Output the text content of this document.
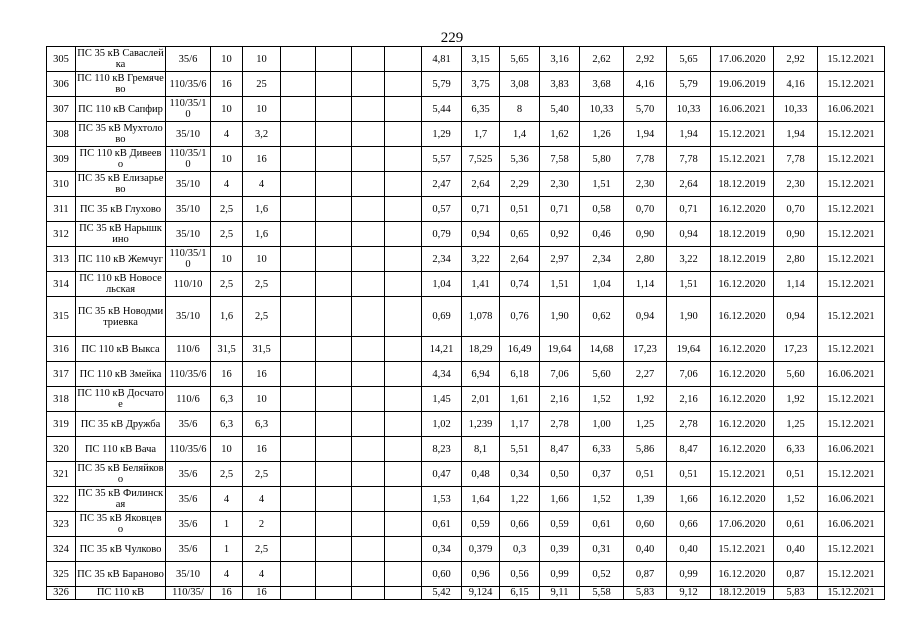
229
305	ПС 35 кВ Саваслейка	35/6	10	10					4,81	3,15	5,65	3,16	2,62	2,92	5,65	17.06.2020	2,92	15.12.2021
306	ПС 110 кВ Гремячево	110/35/6	16	25					5,79	3,75	3,08	3,83	3,68	4,16	5,79	19.06.2019	4,16	15.12.2021
307	ПС 110 кВ Сапфир	110/35/10	10	10					5,44	6,35	8	5,40	10,33	5,70	10,33	16.06.2021	10,33	16.06.2021
308	ПС 35 кВ Мухтолово	35/10	4	3,2					1,29	1,7	1,4	1,62	1,26	1,94	1,94	15.12.2021	1,94	15.12.2021
309	ПС 110 кВ Дивеево	110/35/10	10	16					5,57	7,525	5,36	7,58	5,80	7,78	7,78	15.12.2021	7,78	15.12.2021
310	ПС 35 кВ Елизарьево	35/10	4	4					2,47	2,64	2,29	2,30	1,51	2,30	2,64	18.12.2019	2,30	15.12.2021
311	ПС 35 кВ Глухово	35/10	2,5	1,6					0,57	0,71	0,51	0,71	0,58	0,70	0,71	16.12.2020	0,70	15.12.2021
312	ПС 35 кВ Нарышкино	35/10	2,5	1,6					0,79	0,94	0,65	0,92	0,46	0,90	0,94	18.12.2019	0,90	15.12.2021
313	ПС 110 кВ Жемчуг	110/35/10	10	10					2,34	3,22	2,64	2,97	2,34	2,80	3,22	18.12.2019	2,80	15.12.2021
314	ПС 110 кВ Новосельская	110/10	2,5	2,5					1,04	1,41	0,74	1,51	1,04	1,14	1,51	16.12.2020	1,14	15.12.2021
315	ПС 35 кВ Новодмитриевка	35/10	1,6	2,5					0,69	1,078	0,76	1,90	0,62	0,94	1,90	16.12.2020	0,94	15.12.2021
316	ПС 110 кВ Выкса	110/6	31,5	31,5					14,21	18,29	16,49	19,64	14,68	17,23	19,64	16.12.2020	17,23	15.12.2021
317	ПС 110 кВ Змейка	110/35/6	16	16					4,34	6,94	6,18	7,06	5,60	2,27	7,06	16.12.2020	5,60	16.06.2021
318	ПС 110 кВ Досчатое	110/6	6,3	10					1,45	2,01	1,61	2,16	1,52	1,92	2,16	16.12.2020	1,92	15.12.2021
319	ПС 35 кВ Дружба	35/6	6,3	6,3					1,02	1,239	1,17	2,78	1,00	1,25	2,78	16.12.2020	1,25	15.12.2021
320	ПС 110 кВ Вача	110/35/6	10	16					8,23	8,1	5,51	8,47	6,33	5,86	8,47	16.12.2020	6,33	16.06.2021
321	ПС 35 кВ Беляйково	35/6	2,5	2,5					0,47	0,48	0,34	0,50	0,37	0,51	0,51	15.12.2021	0,51	15.12.2021
322	ПС 35 кВ Филинская	35/6	4	4					1,53	1,64	1,22	1,66	1,52	1,39	1,66	16.12.2020	1,52	16.06.2021
323	ПС 35 кВ Яковцево	35/6	1	2					0,61	0,59	0,66	0,59	0,61	0,60	0,66	17.06.2020	0,61	16.06.2021
324	ПС 35 кВ Чулково	35/6	1	2,5					0,34	0,379	0,3	0,39	0,31	0,40	0,40	15.12.2021	0,40	15.12.2021
325	ПС 35 кВ Бараново	35/10	4	4					0,60	0,96	0,56	0,99	0,52	0,87	0,99	16.12.2020	0,87	15.12.2021
326	ПС 110 кВ	110/35/	16	16					5,42	9,124	6,15	9,11	5,58	5,83	9,12	18.12.2019	5,83	15.12.2021
